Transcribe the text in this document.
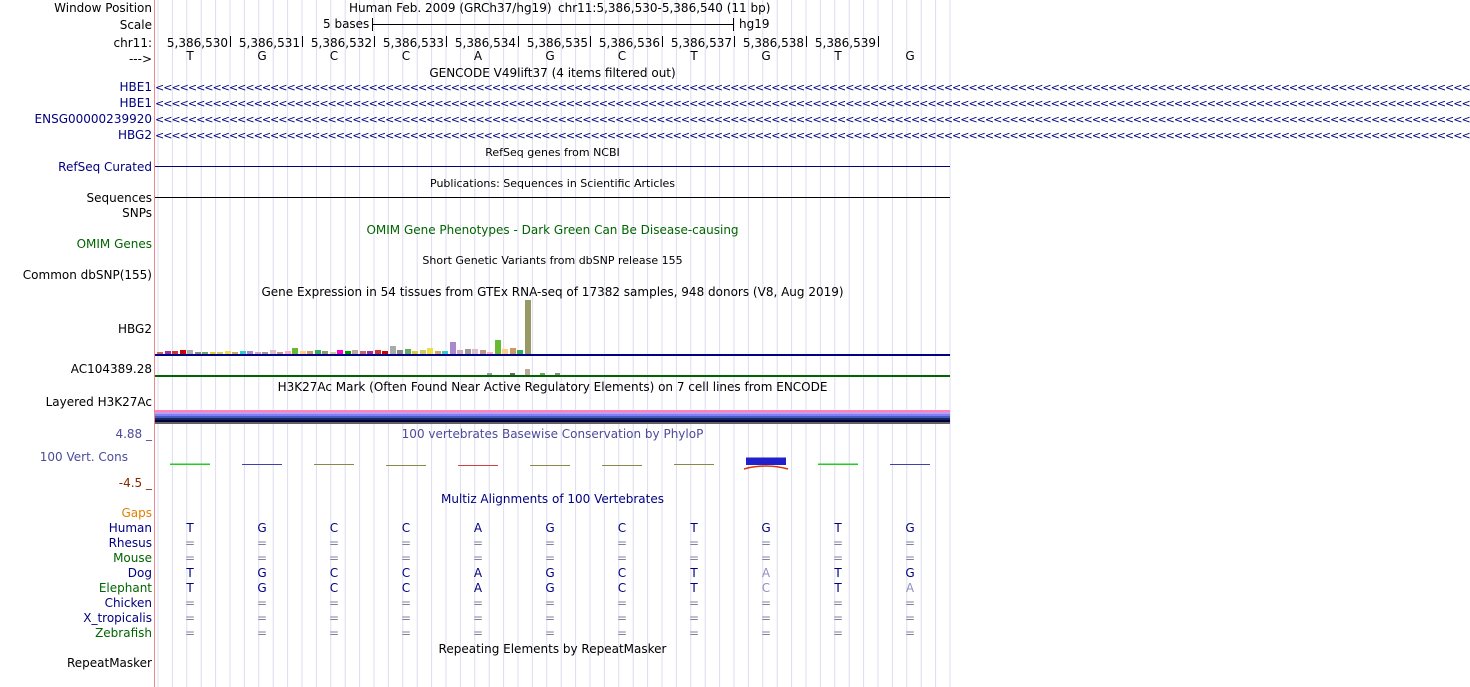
Window Position	Human Feb. 2009 (GRCh37/hg19) chr11:5,386,530-5,386,540 (11 bp)
Scale	5 bases	hg19
chr11:	5,386,530 5,386,531 5,386,532 5,386,533 5,386,534 5,386,535 5,386,536 5,386,537 5,386,538 5,386,539
--->	T	G	C	C	A	G	C	T	G	T	G
GENCODE V49lift37 (4 items filtered out)
HBE1
HBE1
ENSG00000239920
HBG2
<<<<<<<<<<<<<<<<<<<<<<<<<<<<<<<<<<<<<<<<<<<<<<<<<<<<<<<<<<<<<<<<<<<<<<<<<<<<<<<<<<<<<<<<<<<<<<<<<<<<<<<<<<<<<<<<<<<<<<<<<<<<<<<<<<<<<<<<<<<<<<<<<<<<<<<<<<<<<<<<
<<<<<<<<<<<<<<<<<<<<<<<<<<<<<<<<<<<<<<<<<<<<<<<<<<<<<<<<<<<<<<<<<<<<<<<<<<<<<<<<<<<<<<<<<<<<<<<<<<<<<<<<<<<<<<<<<<<<<<<<<<<<<<<<<<<<<<<<<<<<<<<<<<<<<<<<<<<<<<<<
<<<<<<<<<<<<<<<<<<<<<<<<<<<<<<<<<<<<<<<<<<<<<<<<<<<<<<<<<<<<<<<<<<<<<<<<<<<<<<<<<<<<<<<<<<<<<<<<<<<<<<<<<<<<<<<<<<<<<<<<<<<<<<<<<<<<<<<<<<<<<<<<<<<<<<<<<<<<<<<<
<<<<<<<<<<<<<<<<<<<<<<<<<<<<<<<<<<<<<<<<<<<<<<<<<<<<<<<<<<<<<<<<<<<<<<<<<<<<<<<<<<<<<<<<<<<<<<<<<<<<<<<<<<<<<<<<<<<<<<<<<<<<<<<<<<<<<<<<<<<<<<<<<<<<<<<<<<<<<<<<
RefSeq genes from NCBI
RefSeq Curated
Publications: Sequences in Scientific Articles
Sequences
SNPs
OMIM Gene Phenotypes - Dark Green Can Be Disease-causing
OMIM Genes
Short Genetic Variants from dbSNP release 155
Common dbSNP(155)
Gene Expression in 54 tissues from GTEx RNA-seq of 17382 samples, 948 donors (V8, Aug 2019)
HBG2
AC104389.28
H3K27Ac Mark (Often Found Near Active Regulatory Elements) on 7 cell lines from ENCODE
Layered H3K27Ac
4.88 _	100 vertebrates Basewise Conservation by PhyloP
100 Vert. Cons
-4.5 _
Multiz Alignments of 100 Vertebrates
Gaps
Human	T	G	C	C	A	G	C	T	G	T	G
Rhesus	=	=	=	=	=	=	=	=	=	=	=
Mouse	=	=	=	=	=	=	=	=	=	=	=
Dog	T	G	C	C	A	G	C	T	A	T	G
Elephant	T	G	C	C	A	G	C	T	C	T	A
Chicken	=	=	=	=	=	=	=	=	=	=	=
X_tropicalis	=	=	=	=	=	=	=	=	=	=	=
Zebrafish	=	=	=	=	=	=	=	=	=	=	=
Repeating Elements by RepeatMasker
RepeatMasker
